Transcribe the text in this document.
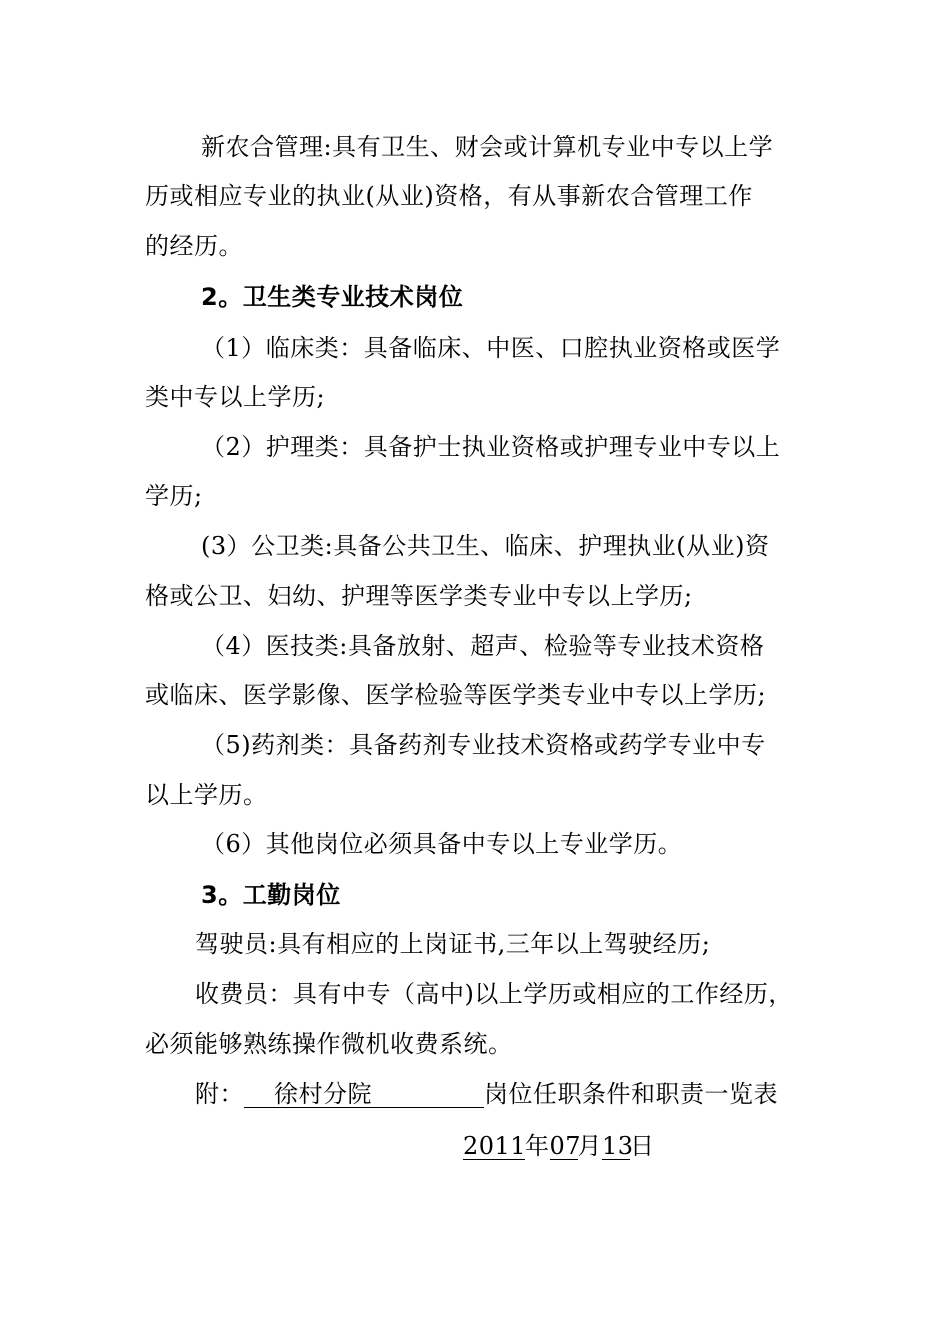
新农合管理:具有卫生、财会或计算机专业中专以上学
历或相应专业的执业(从业)资格，有从事新农合管理工作
的经历。
2。卫生类专业技术岗位
（1）临床类：具备临床、中医、口腔执业资格或医学
类中专以上学历;
（2）护理类：具备护士执业资格或护理专业中专以上
学历;
(3）公卫类:具备公共卫生、临床、护理执业(从业)资
格或公卫、妇幼、护理等医学类专业中专以上学历;
（4）医技类:具备放射、超声、检验等专业技术资格
或临床、医学影像、医学检验等医学类专业中专以上学历;
（5)药剂类：具备药剂专业技术资格或药学专业中专
以上学历。
（6）其他岗位必须具备中专以上专业学历。
3。工勤岗位
驾驶员:具有相应的上岗证书,三年以上驾驶经历;
收费员：具有中专（高中)以上学历或相应的工作经历，
必须能够熟练操作微机收费系统。
附： 徐村分院	岗位任职条件和职责一览表
2011年07月13日
